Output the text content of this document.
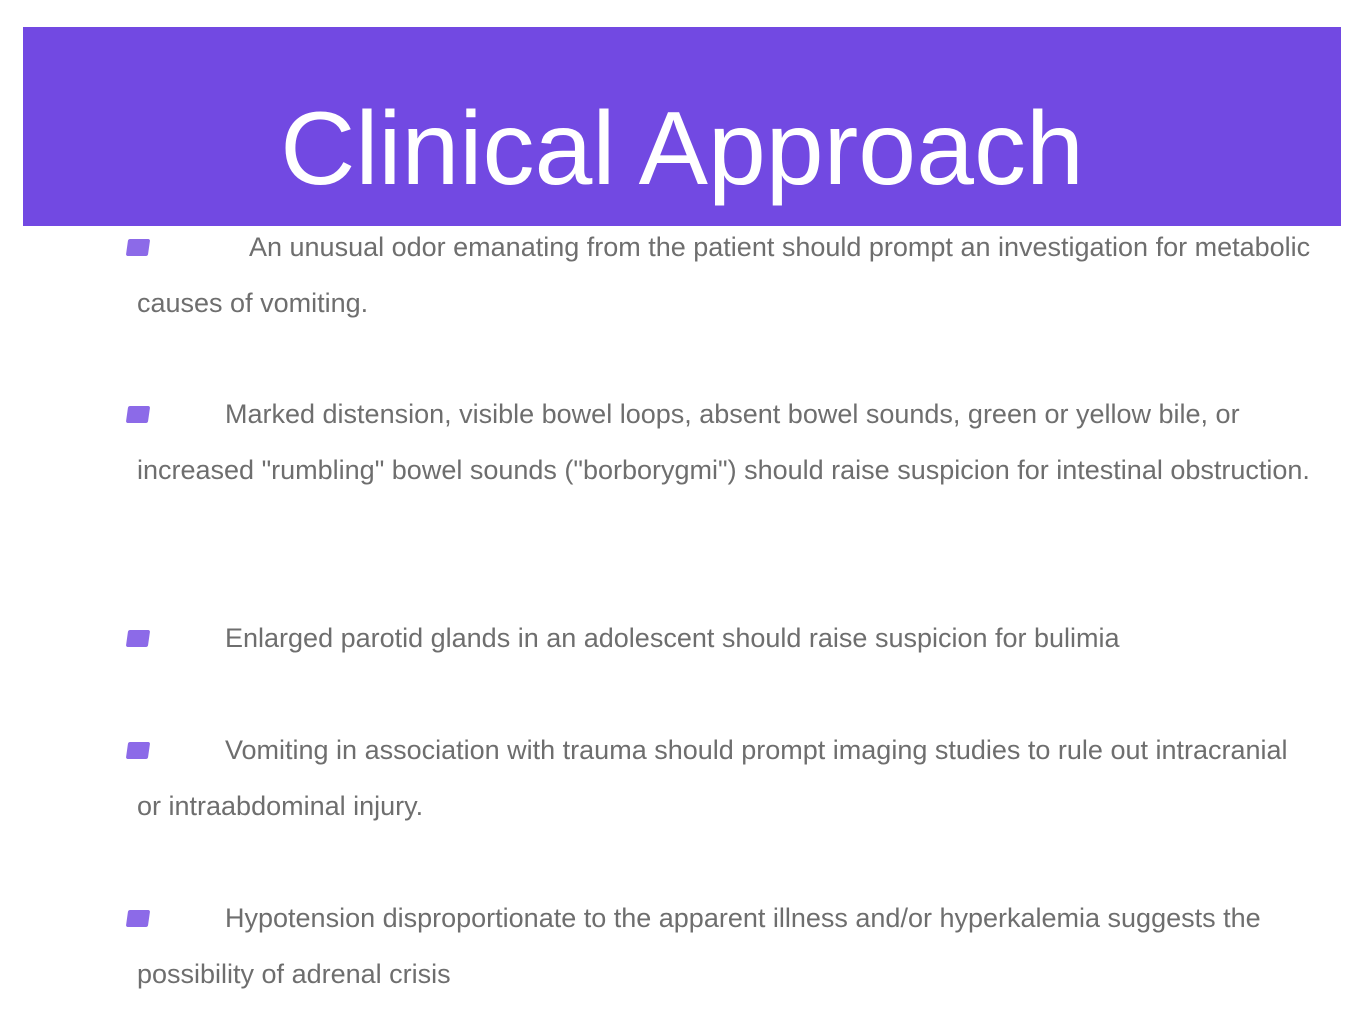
Clinical Approach

An unusual odor emanating from the patient should prompt an investigation for metabolic causes of vomiting.

Marked distension, visible bowel loops, absent bowel sounds, green or yellow bile, or increased "rumbling" bowel sounds ("borborygmi") should raise suspicion for intestinal obstruction.

Enlarged parotid glands in an adolescent should raise suspicion for bulimia

Vomiting in association with trauma should prompt imaging studies to rule out intracranial or intraabdominal injury.

Hypotension disproportionate to the apparent illness and/or hyperkalemia suggests the possibility of adrenal crisis
